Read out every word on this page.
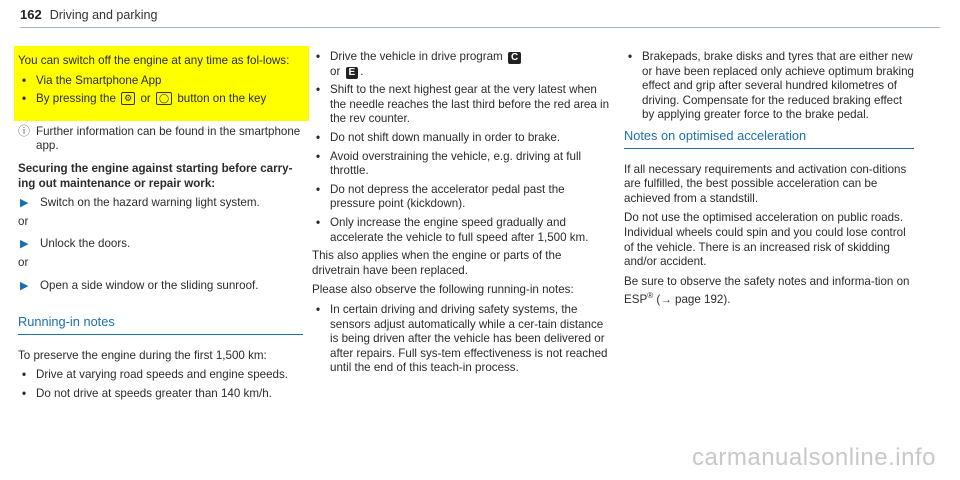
162 Driving and parking

You can switch off the engine at any time as fol-lows:

• Via the Smartphone App
• By pressing the ⚙ or ◯ button on the key
ⓘ Further information can be found in the smartphone app.

Securing the engine against starting before carry-ing out maintenance or repair work:

▶ Switch on the hazard warning light system.
or
▶ Unlock the doors.
or
▶ Open a side window or the sliding sunroof.
Running-in notes

To preserve the engine during the first 1,500 km:

• Drive at varying road speeds and engine speeds.
• Do not drive at speeds greater than 140 km/h.
• Drive the vehicle in drive program C
or E .
• Shift to the next highest gear at the very latest when the needle reaches the last third before the red area in the rev counter.
• Do not shift down manually in order to brake.
• Avoid overstraining the vehicle, e.g. driving at full throttle.
• Do not depress the accelerator pedal past the pressure point (kickdown).
• Only increase the engine speed gradually and accelerate the vehicle to full speed after 1,500 km.

This also applies when the engine or parts of the drivetrain have been replaced.

Please also observe the following running-in notes:

• In certain driving and driving safety systems, the sensors adjust automatically while a cer-tain distance is being driven after the vehicle has been delivered or after repairs. Full sys-tem effectiveness is not reached until the end of this teach-in process.
• Brakepads, brake disks and tyres that are either new or have been replaced only achieve optimum braking effect and grip after several hundred kilometres of driving. Compensate for the reduced braking effect by applying greater force to the brake pedal.
Notes on optimised acceleration

If all necessary requirements and activation con-ditions are fulfilled, the best possible acceleration can be achieved from a standstill.

Do not use the optimised acceleration on public roads. Individual wheels could spin and you could lose control of the vehicle. There is an increased risk of skidding and/or accident.

Be sure to observe the safety notes and informa-tion on ESP® (→ page 192).

carmanualsonline.info
